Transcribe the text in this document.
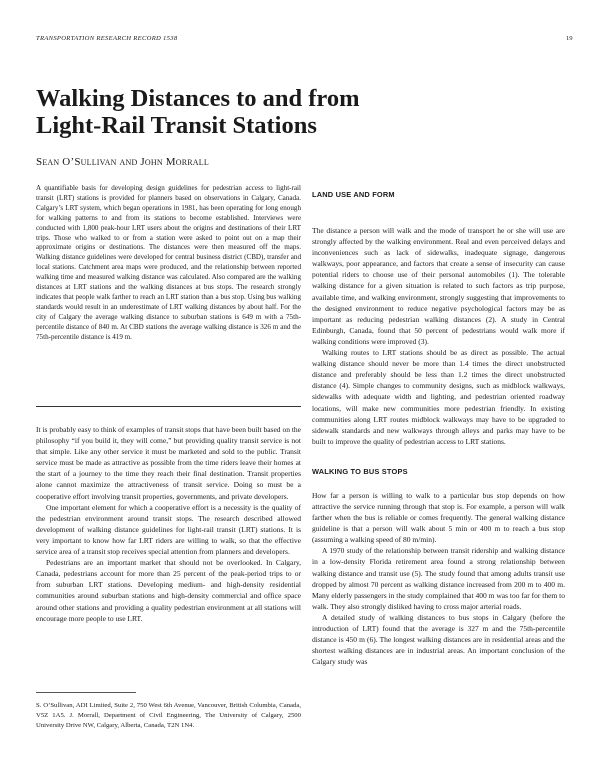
TRANSPORTATION RESEARCH RECORD 1538	19
Walking Distances to and from
Light-Rail Transit Stations
Sean O’Sullivan and John Morrall

A quantifiable basis for developing design guidelines for pedestrian access to light-rail transit (LRT) stations is provided for planners based on observations in Calgary, Canada. Calgary’s LRT system, which began operations in 1981, has been operating for long enough for walking patterns to and from its stations to become established. Interviews were conducted with 1,800 peak-hour LRT users about the origins and destinations of their LRT trips. Those who walked to or from a station were asked to point out on a map their approximate origins or destinations. The distances were then measured off the maps. Walking distance guidelines were developed for central business district (CBD), transfer and local stations. Catchment area maps were produced, and the relationship between reported walking time and measured walking distance was calculated. Also compared are the walking distances at LRT stations and the walking distances at bus stops. The research strongly indicates that people walk farther to reach an LRT station than a bus stop. Using bus walking standards would result in an underestimate of LRT walking distances by about half. For the city of Calgary the average walking distance to suburban stations is 649 m with a 75th-percentile distance of 840 m. At CBD stations the average walking distance is 326 m and the 75th-percentile distance is 419 m.

It is probably easy to think of examples of transit stops that have been built based on the philosophy “if you build it, they will come,” but providing quality transit service is not that simple. Like any other service it must be marketed and sold to the public. Transit service must be made as attractive as possible from the time riders leave their homes at the start of a journey to the time they reach their final destination. Transit properties alone cannot maximize the attractiveness of transit service. Doing so must be a cooperative effort involving transit properties, governments, and private developers.

One important element for which a cooperative effort is a necessity is the quality of the pedestrian environment around transit stops. The research described allowed development of walking distance guidelines for light-rail transit (LRT) stations. It is very important to know how far LRT riders are willing to walk, so that the effective service area of a transit stop receives special attention from planners and developers.

Pedestrians are an important market that should not be overlooked. In Calgary, Canada, pedestrians account for more than 25 percent of the peak-period trips to or from suburban LRT stations. Developing medium- and high-density residential communities around suburban stations and high-density commercial and office space around other stations and providing a quality pedestrian environment at all stations will encourage more people to use LRT.

S. O’Sullivan, ADI Limited, Suite 2, 750 West 6th Avenue, Vancouver, British Columbia, Canada, V5Z 1A5. J. Morrall, Department of Civil Engineering, The University of Calgary, 2500 University Drive NW, Calgary, Alberta, Canada, T2N 1N4.

LAND USE AND FORM

The distance a person will walk and the mode of transport he or she will use are strongly affected by the walking environment. Real and even perceived delays and inconveniences such as lack of sidewalks, inadequate signage, dangerous walkways, poor appearance, and factors that create a sense of insecurity can cause potential riders to choose use of their personal automobiles (1). The tolerable walking distance for a given situation is related to such factors as trip purpose, available time, and walking environment, strongly suggesting that improvements to the designed environment to reduce negative psychological factors may be as important as reducing pedestrian walking distances (2). A study in Central Edinburgh, Canada, found that 50 percent of pedestrians would walk more if walking conditions were improved (3).

Walking routes to LRT stations should be as direct as possible. The actual walking distance should never be more than 1.4 times the direct unobstructed distance and preferably should be less than 1.2 times the direct unobstructed distance (4). Simple changes to community designs, such as midblock walkways, sidewalks with adequate width and lighting, and pedestrian oriented roadway locations, will make new communities more pedestrian friendly. In existing communities along LRT routes midblock walkways may have to be upgraded to sidewalk standards and new walkways through alleys and parks may have to be built to improve the quality of pedestrian access to LRT stations.

WALKING TO BUS STOPS

How far a person is willing to walk to a particular bus stop depends on how attractive the service running through that stop is. For example, a person will walk farther when the bus is reliable or comes frequently. The general walking distance guideline is that a person will walk about 5 min or 400 m to reach a bus stop (assuming a walking speed of 80 m/min).

A 1970 study of the relationship between transit ridership and walking distance in a low-density Florida retirement area found a strong relationship between walking distance and transit use (5). The study found that among adults transit use dropped by almost 70 percent as walking distance increased from 200 m to 400 m. Many elderly passengers in the study complained that 400 m was too far for them to walk. They also strongly disliked having to cross major arterial roads.

A detailed study of walking distances to bus stops in Calgary (before the introduction of LRT) found that the average is 327 m and the 75th-percentile distance is 450 m (6). The longest walking distances are in residential areas and the shortest walking distances are in industrial areas. An important conclusion of the Calgary study was
